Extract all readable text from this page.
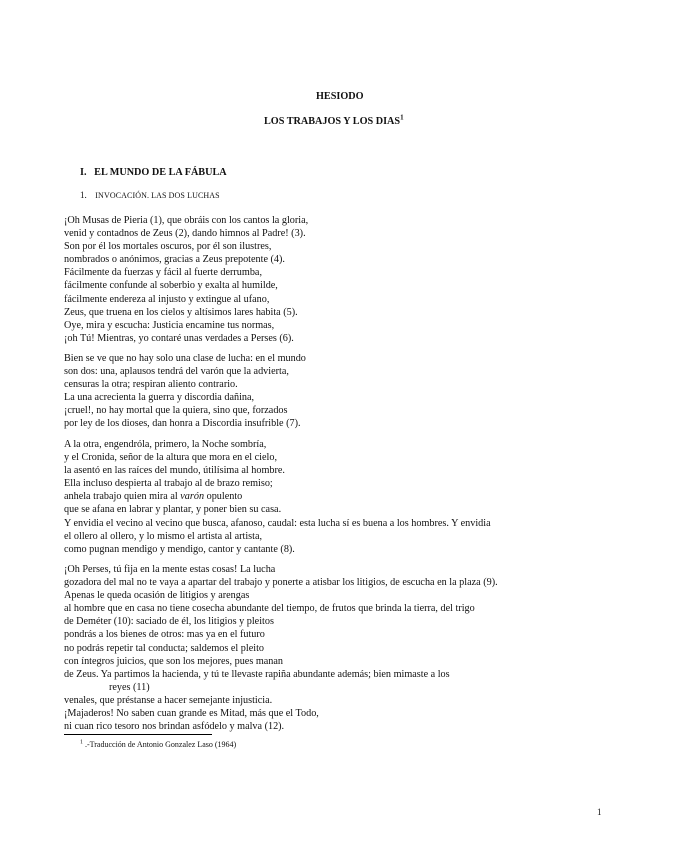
HESIODO
LOS TRABAJOS Y LOS DIAS$^1$
I.   EL MUNDO DE LA FÁBULA
1. INVOCACIÓN. LAS DOS LUCHAS
¡Oh Musas de Pieria (1), que obráis con los cantos la gloria,
venid y contadnos de Zeus (2), dando himnos al Padre! (3).
Son por él los mortales oscuros, por él son ilustres,
nombrados o anónimos, gracias a Zeus prepotente (4).
Fácilmente da fuerzas y fácil al fuerte derrumba,
fácilmente confunde al soberbio y exalta al humilde,
fácilmente endereza al injusto y extingue al ufano,
Zeus, que truena en los cielos y altísimos lares habita (5).
Oye, mira y escucha: Justicia encamine tus normas,
¡oh Tú! Mientras, yo contaré unas verdades a Perses (6).
Bien se ve que no hay solo una clase de lucha: en el mundo
son dos: una, aplausos tendrá del varón que la advierta,
censuras la otra; respiran aliento contrario.
La una acrecienta la guerra y discordia dañina,
¡cruel!, no hay mortal que la quiera, sino que, forzados
por ley de los dioses, dan honra a Discordia insufrible (7).
A la otra, engendróla, primero, la Noche sombría,
y el Cronida, señor de la altura que mora en el cielo,
la asentó en las raíces del mundo, útilísima al hombre.
Ella incluso despierta al trabajo al de brazo remiso;
anhela trabajo quien mira al varón opulento
que se afana en labrar y plantar, y poner bien su casa.
Y envidia el vecino al vecino que busca, afanoso, caudal: esta lucha sí es buena a los hombres. Y envidia
el ollero al ollero, y lo mismo el artista al artista,
como pugnan mendigo y mendigo, cantor y cantante (8).
¡Oh Perses, tú fija en la mente estas cosas! La lucha
gozadora del mal no te vaya a apartar del trabajo y ponerte a atisbar los litigios, de escucha en la plaza (9).
Apenas le queda ocasión de litigios y arengas
al hombre que en casa no tiene cosecha abundante del tiempo, de frutos que brinda la tierra, del trigo
de Deméter (10): saciado de él, los litigios y pleitos
pondrás a los bienes de otros: mas ya en el futuro
no podrás repetir tal conducta; saldemos el pleito
con íntegros juicios, que son los mejores, pues manan
de Zeus. Ya partimos la hacienda, y tú te llevaste rapiña abundante además; bien mimaste a los
reyes (11)
venales, que préstanse a hacer semejante injusticia.
¡Majaderos! No saben cuan grande es Mitad, más que el Todo,
ni cuan rico tesoro nos brindan asfódelo y malva (12).
$^1$ .-Traducción de Antonio Gonzalez Laso (1964)
1
